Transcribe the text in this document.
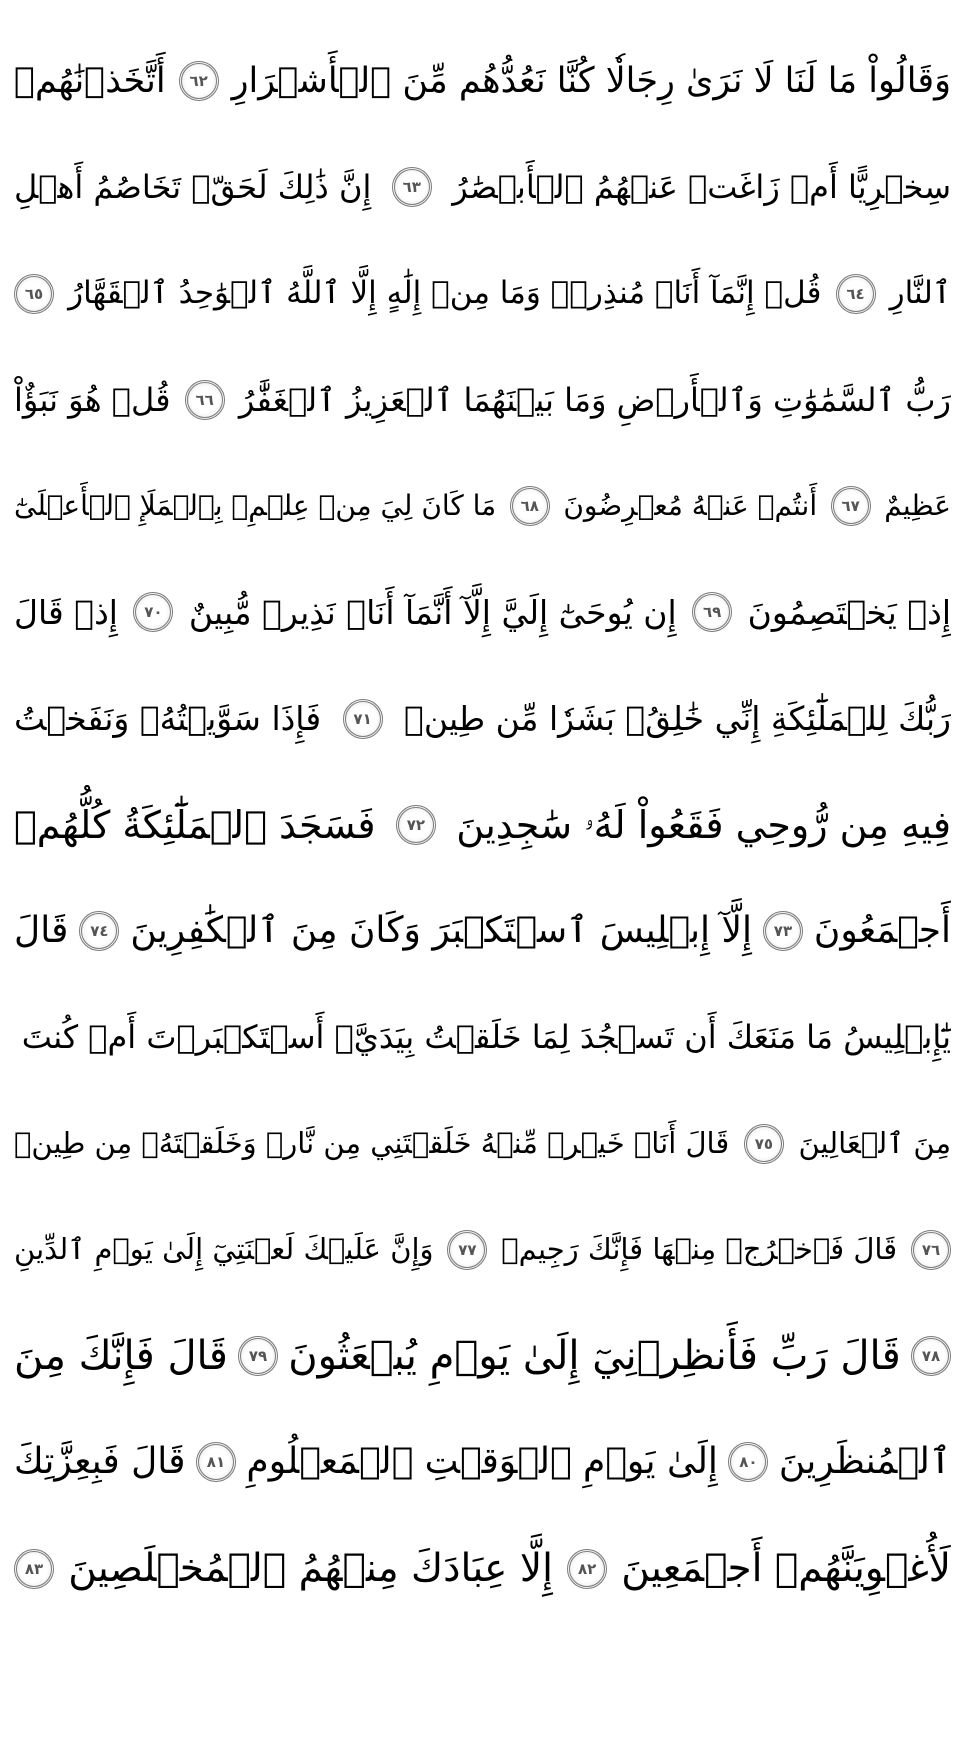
وَقَالُواْ مَا لَنَا لَا نَرَىٰ رِجَالٗا كُنَّا نَعُدُّهُم مِّنَ ٱلۡأَشۡرَارِ
٦٢
أَتَّخَذۡنَٰهُمۡ
سِخۡرِيًّا أَمۡ زَاغَتۡ عَنۡهُمُ ٱلۡأَبۡصَٰرُ
٦٣
إِنَّ ذَٰلِكَ لَحَقّٞ تَخَاصُمُ أَهۡلِ
ٱلنَّارِ
٦٤
قُلۡ إِنَّمَآ أَنَا۠ مُنذِرٞۖ وَمَا مِنۡ إِلَٰهٍ إِلَّا ٱللَّهُ ٱلۡوَٰحِدُ ٱلۡقَهَّارُ
٦٥
رَبُّ ٱلسَّمَٰوَٰتِ وَٱلۡأَرۡضِ وَمَا بَيۡنَهُمَا ٱلۡعَزِيزُ ٱلۡغَفَّٰرُ
٦٦
قُلۡ هُوَ نَبَؤٌاْ
عَظِيمٌ
٦٧
أَنتُمۡ عَنۡهُ مُعۡرِضُونَ
٦٨
مَا كَانَ لِيَ مِنۡ عِلۡمِۭ بِٱلۡمَلَإِ ٱلۡأَعۡلَىٰٓ
إِذۡ يَخۡتَصِمُونَ
٦٩
إِن يُوحَىٰٓ إِلَيَّ إِلَّآ أَنَّمَآ أَنَا۠ نَذِيرٞ مُّبِينٌ
٧٠
إِذۡ قَالَ
رَبُّكَ لِلۡمَلَٰٓئِكَةِ إِنِّي خَٰلِقُۢ بَشَرٗا مِّن طِينٖ
٧١
فَإِذَا سَوَّيۡتُهُۥ وَنَفَخۡتُ
فِيهِ مِن رُّوحِي فَقَعُواْ لَهُۥ سَٰجِدِينَ
٧٢
فَسَجَدَ ٱلۡمَلَٰٓئِكَةُ كُلُّهُمۡ
أَجۡمَعُونَ
٧٣
إِلَّآ إِبۡلِيسَ ٱسۡتَكۡبَرَ وَكَانَ مِنَ ٱلۡكَٰفِرِينَ
٧٤
قَالَ
يَٰٓإِبۡلِيسُ مَا مَنَعَكَ أَن تَسۡجُدَ لِمَا خَلَقۡتُ بِيَدَيَّۖ أَسۡتَكۡبَرۡتَ أَمۡ كُنتَ
مِنَ ٱلۡعَالِينَ
٧٥
قَالَ أَنَا۠ خَيۡرٞ مِّنۡهُ خَلَقۡتَنِي مِن نَّارٖ وَخَلَقۡتَهُۥ مِن طِينٖ
٧٦
قَالَ فَٱخۡرُجۡ مِنۡهَا فَإِنَّكَ رَجِيمٞ
٧٧
وَإِنَّ عَلَيۡكَ لَعۡنَتِيٓ إِلَىٰ يَوۡمِ ٱلدِّينِ
٧٨
قَالَ رَبِّ فَأَنظِرۡنِيٓ إِلَىٰ يَوۡمِ يُبۡعَثُونَ
٧٩
قَالَ فَإِنَّكَ مِنَ
ٱلۡمُنظَرِينَ
٨٠
إِلَىٰ يَوۡمِ ٱلۡوَقۡتِ ٱلۡمَعۡلُومِ
٨١
قَالَ فَبِعِزَّتِكَ
لَأُغۡوِيَنَّهُمۡ أَجۡمَعِينَ
٨٢
إِلَّا عِبَادَكَ مِنۡهُمُ ٱلۡمُخۡلَصِينَ
٨٣
